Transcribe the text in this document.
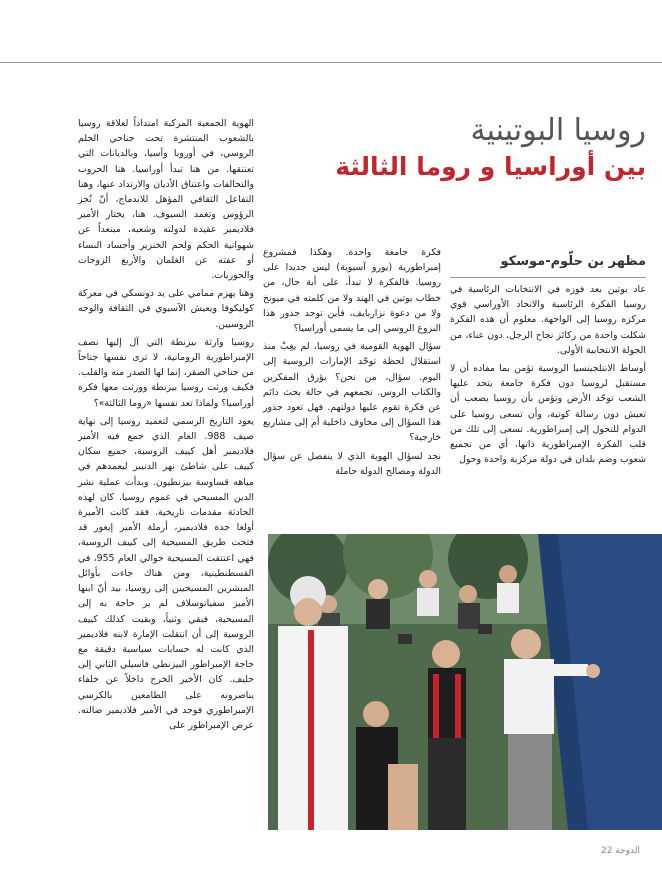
روسيا البوتينية
بين أوراسيا و روما الثالثة
مظهر بن حلّوم-موسكو

عاد بوتين بعد فوزه في الانتخابات الرئاسية في روسيا الفكرة الرئاسية والاتحاد الأوراسي قوي مركزه روسيا إلى الواجهة. معلوم أن هذه الفكرة شكلت واحدة من ركائز نجاح الرجل، دون عناء، من الجولة الانتخابية الأولى.

أوساط الانتلجينسيا الروسية تؤمن بما مفاده أن لا مستقبل لروسيا دون فكرة جامعة يتحد عليها الشعب توحّد الأرض وتؤمن بأن روسيا يصعب أن تعيش دون رسالة كونية، وأن تسعى روسيا على الدوام للتحول إلى إمبراطورية. تسعى إلى تلك من قلب الفكرة الإمبراطورية ذاتها، أي من تجميع شعوب وضم بلدان في دولة مركزية واحدة وحول

فكرة جامعة واحدة. وهكذا فمشروع إمبراطورية (يورو آسيوية) ليس جديدا على روسيا. فالفكرة لا تبدأ، على أية حال، من خطاب بوتين في الهند ولا من كلمته في ميونخ ولا من دعوة نزاربايف، فأين توجد جذور هذا النزوع الروسي إلى ما يسمى أوراسيا؟

سؤال الهوية القومية في روسيا، لم يغِبْ منذ استقلال لحظة توحّد الإمارات الروسية إلى اليوم. سؤال، من نحن؟ يؤرق المفكرين والكتاب الروس. تجمعهم في حالة بحث دائم عن فكرة تقوم عليها دولتهم. فهل تعود جذور هذا السؤال إلى مخاوف داخلية أم إلى مشاريع خارجية؟

نجد لسؤال الهوية الذي لا ينفصل عن سؤال الدولة ومصالح الدولة حاملة

الهوية الجمعية المركبة امتداداً لعلاقة روسيا بالشعوب المنتشرة تحت جناحي الحلم الروسي، في أوروبا وآسيا، وبالديانات التي تعتنقها. من هنا تبدأ أوراسيا. هنا الحروب والتحالفات واعتناق الأديان والارتداد عنها، وهنا التفاعل الثقافي المؤهل للاندماج، أنّ تُجز الرؤوس وتغمد السيوف. هنا، يختار الأمير فلاديمير عقيدة لدولته وشعبه، مبتعداً عن شهوانية الحكم ولحم الخنزير وأجساد النساء أو عفته عن الغلمان والأربع الزوجات والحوريات.

وهنا يهزم ممامي على يد دونسكي في معركة كوليكوفا ويعيش الآسيوي في الثقافة والوجه الروسيين.

روسيا وارثة بيزنطة التي آل إليها نصف الإمبراطورية الرومانية، لا ترى نفسها جناحاً من جناحي الصقر، إنما لها الصدر منه والقلب. فكيف ورثت روسيا بيزنطة وورثت معها فكرة أوراسيا؟ ولماذا تعد نفسها «روما الثالثة»؟

يعود التاريخ الرسمي لتعميد روسيا إلى نهاية صيف 988. العام الذي جمع فيه الأمير فلاديمير أهل كييف الروسية، جميع سكان كييف على شاطئ نهر الدنيبر ليعمدهم في مياهه قساوسة بيزنطيون. وبدأت عملية نشر الدين المسيحي في عموم روسيا. كان لهذه الحادثة مقدمات تاريخية. فقد كانت الأميرة أولغا جدة فلاديمير، أرملة الأمير إيغور قد فتحت طريق المسيحية إلى كييف الروسية، فهي اعتنقت المسيحية حوالي العام 955، في القسطنطينية، ومن هناك جاءت بأوائل المبشرين المسيحيين إلى روسيا، بيد أنّ ابنها الأمير سفياتوسلاف لم ير حاجة به إلى المسيحية، فبقي وثنياً، وبقيت كذلك كييف الروسية إلى أن انتقلت الإمارة لابنه فلاديمير الذي كانت له حسابات سياسية دقيقة مع حاجة الإمبراطور البيزنطي فاسيلي الثاني إلى حليف. كان الأخير الخرج داخلاً عن خلفاء يناصرونه على الطامعين بالكرسي الإمبراطوري فوجد في الأمير فلاديمير ضالته. عرض الإمبراطور على

الدوحة 22
